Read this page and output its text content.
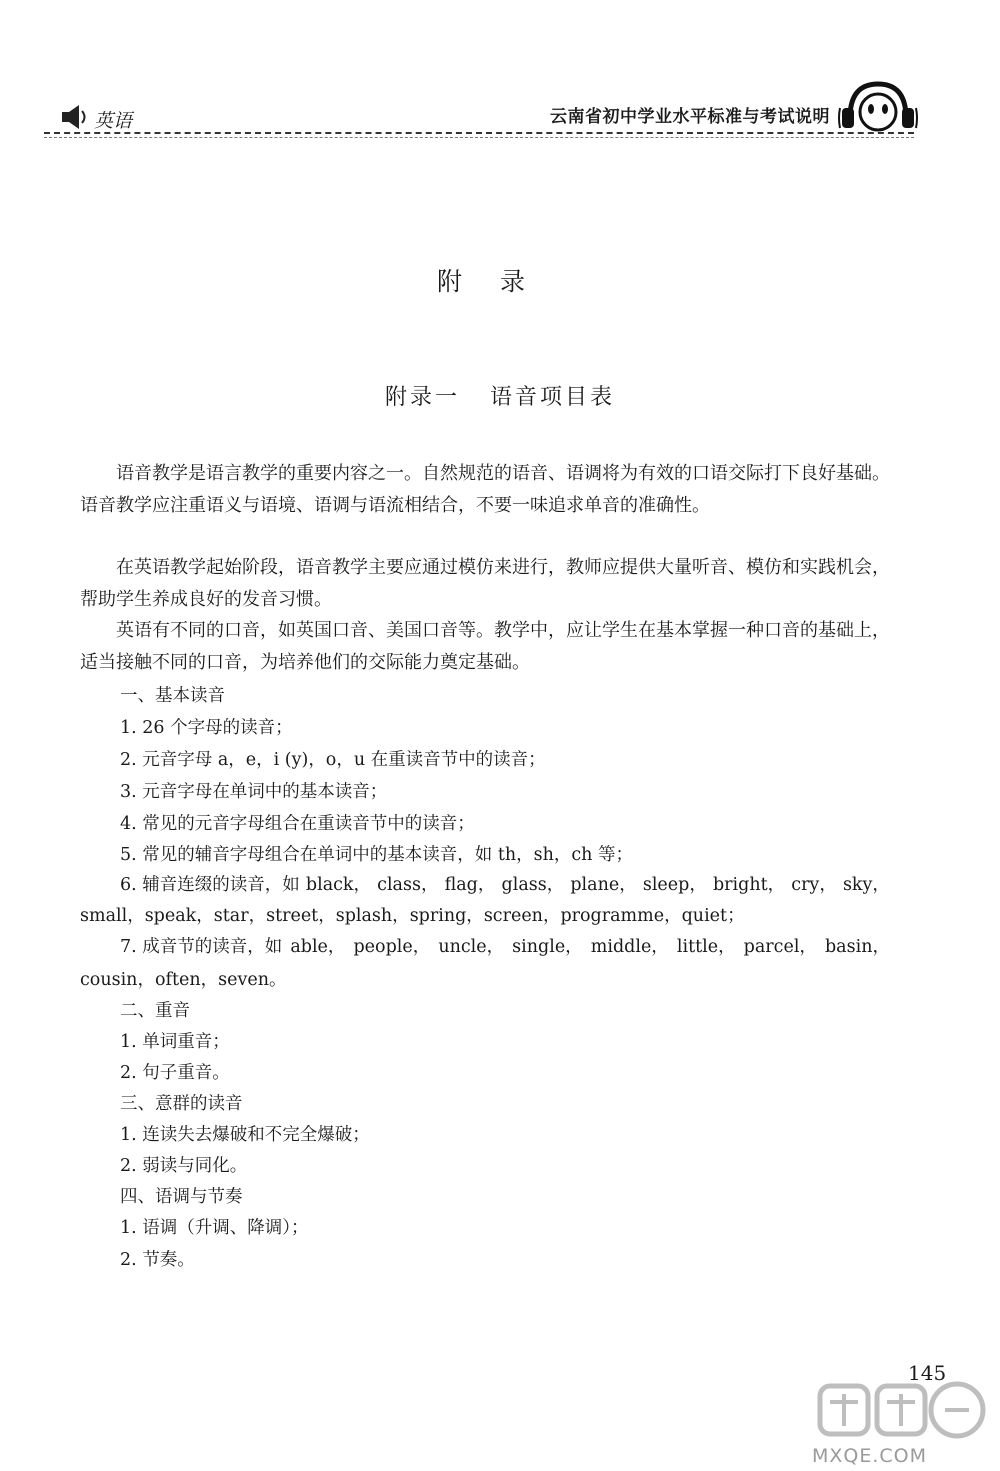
英语	云南省初中学业水平标准与考试说明
附录
附录一 语音项目表
语音教学是语言教学的重要内容之一。自然规范的语音、语调将为有效的口语交际打下良好基础。语音教学应注重语义与语境、语调与语流相结合，不要一味追求单音的准确性。
在英语教学起始阶段，语音教学主要应通过模仿来进行，教师应提供大量听音、模仿和实践机会，帮助学生养成良好的发音习惯。
英语有不同的口音，如英国口音、美国口音等。教学中，应让学生在基本掌握一种口音的基础上，适当接触不同的口音，为培养他们的交际能力奠定基础。
一、基本读音
1. 26 个字母的读音；
2. 元音字母 a，e，i (y)，o，u 在重读音节中的读音；
3. 元音字母在单词中的基本读音；
4. 常见的元音字母组合在重读音节中的读音；
5. 常见的辅音字母组合在单词中的基本读音，如 th，sh，ch 等；
6. 辅音连缀的读音，如 black， class， flag， glass， plane， sleep， bright， cry， sky，
small， speak， star， street， splash， spring， screen， programme， quiet；
7. 成音节的读音，如 able， people， uncle， single， middle， little， parcel， basin，
cousin，often，seven。
二、重音
1. 单词重音；
2. 句子重音。
三、意群的读音
1. 连读失去爆破和不完全爆破；
2. 弱读与同化。
四、语调与节奏
1. 语调（升调、降调）；
2. 节奏。
145
MXQE.COM
